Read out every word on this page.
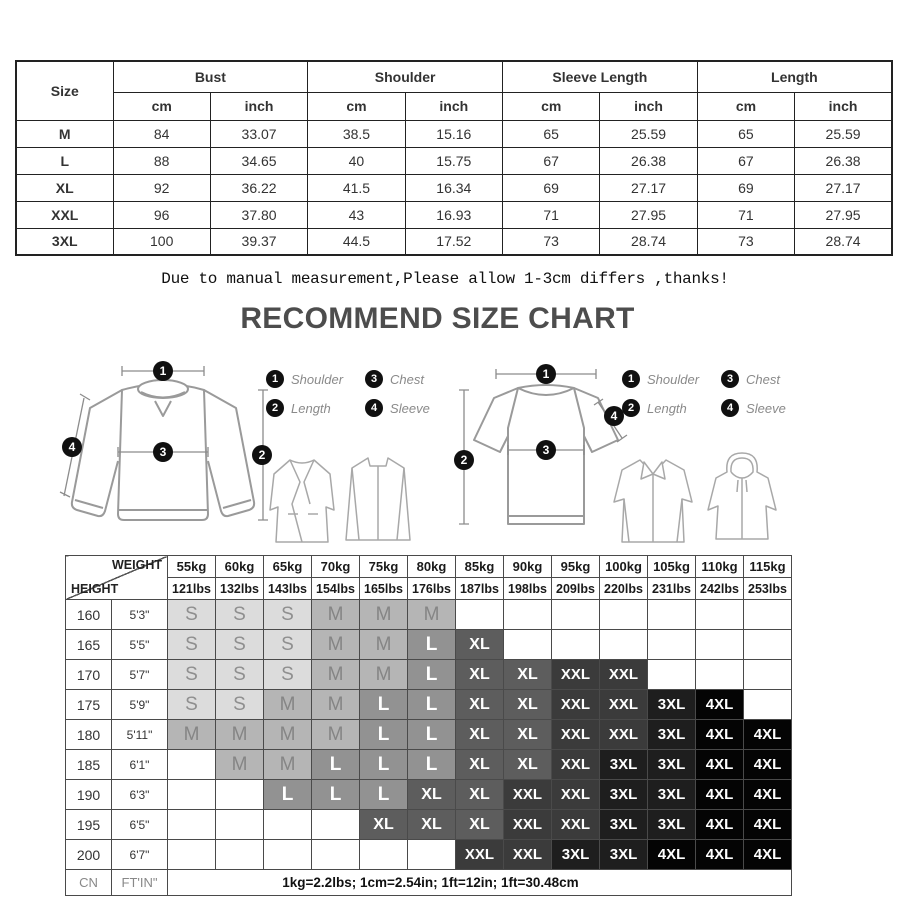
Size	Bust		Shoulder		Sleeve Length		Length	
	cm	inch	cm	inch	cm	inch	cm	inch
M	84	33.07	38.5	15.16	65	25.59	65	25.59
L	88	34.65	40	15.75	67	26.38	67	26.38
XL	92	36.22	41.5	16.34	69	27.17	69	27.17
XXL	96	37.80	43	16.93	71	27.95	71	27.95
3XL	100	39.37	44.5	17.52	73	28.74	73	28.74
Due to manual measurement,Please allow 1-3cm differs ,thanks!
RECOMMEND SIZE CHART
1
2
3
4
1 Shoulder	3 Chest
2 Length	4 Sleeve
1
2
3
4
1 Shoulder	3 Chest
2 Length	4 Sleeve
WEIGHT
HEIGHT		55kg	60kg	65kg	70kg	75kg	80kg	85kg	90kg	95kg	100kg	105kg	110kg	115kg
		121lbs	132lbs	143lbs	154lbs	165lbs	176lbs	187lbs	198lbs	209lbs	220lbs	231lbs	242lbs	253lbs
160	5'3"	S	S	S	M	M	M							
165	5'5"	S	S	S	M	M	L	XL						
170	5'7"	S	S	S	M	M	L	XL	XL	XXL	XXL			
175	5'9"	S	S	M	M	L	L	XL	XL	XXL	XXL	3XL	4XL	
180	5'11"	M	M	M	M	L	L	XL	XL	XXL	XXL	3XL	4XL	4XL
185	6'1"		M	M	L	L	L	XL	XL	XXL	3XL	3XL	4XL	4XL
190	6'3"			L	L	L	XL	XL	XXL	XXL	3XL	3XL	4XL	4XL
195	6'5"					XL	XL	XL	XXL	XXL	3XL	3XL	4XL	4XL
200	6'7"							XXL	XXL	3XL	3XL	4XL	4XL	4XL
CN	FT'IN"	1kg=2.2lbs; 1cm=2.54in; 1ft=12in; 1ft=30.48cm												
